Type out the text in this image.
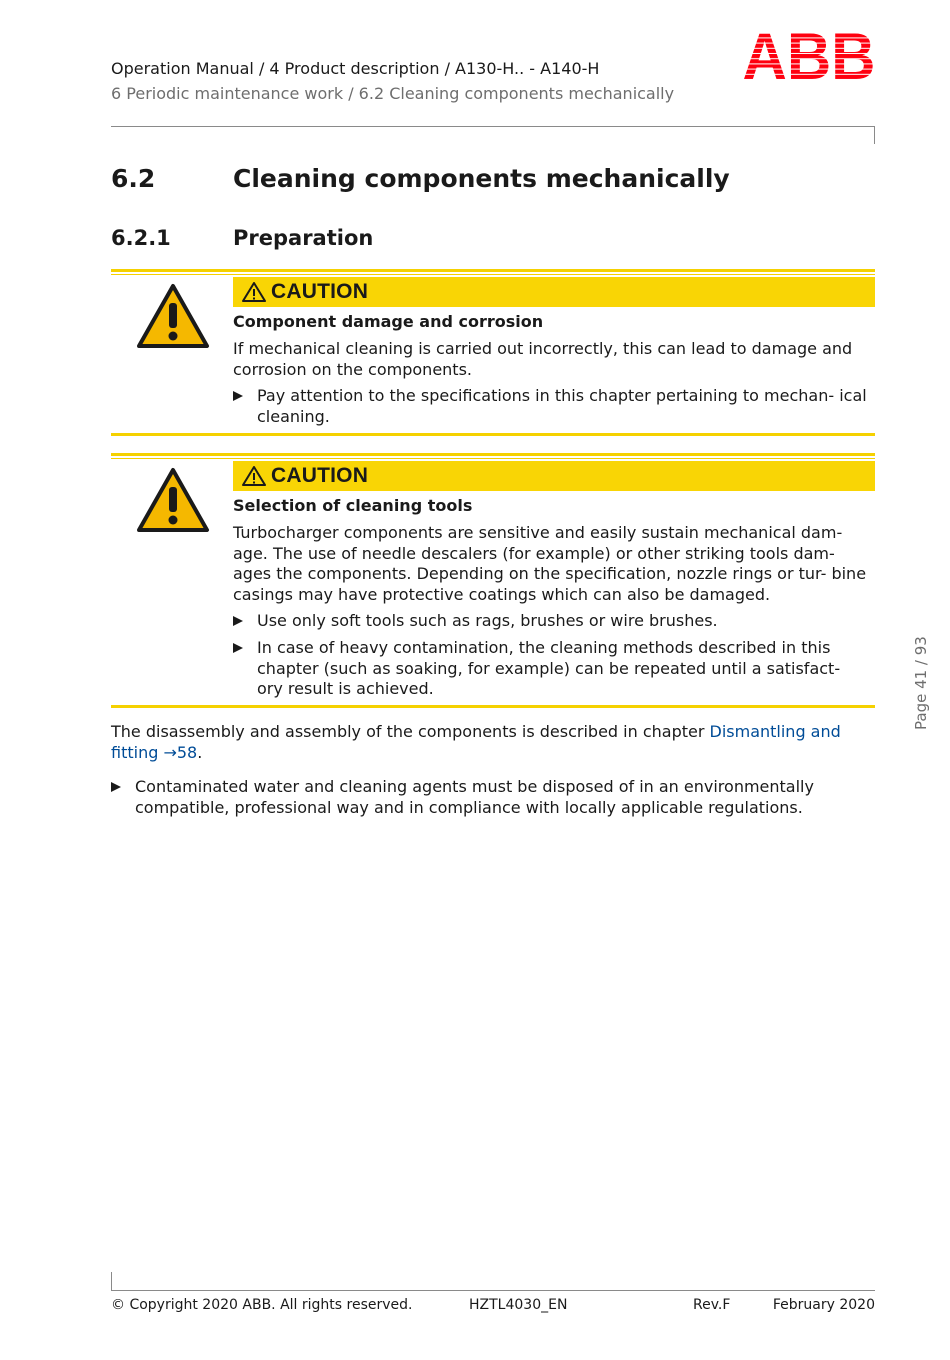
Operation Manual / 4 Product description / A130-H.. - A140-H
6 Periodic maintenance work / 6.2 Cleaning components mechanically
ABB
6.2	Cleaning components mechanically
6.2.1	Preparation
CAUTION
Component damage and corrosion
If mechanical cleaning is carried out incorrectly, this can lead to damage and corrosion on the components.
Pay attention to the specifications in this chapter pertaining to mechan- ical cleaning.
CAUTION
Selection of cleaning tools
Turbocharger components are sensitive and easily sustain mechanical dam- age. The use of needle descalers (for example) or other striking tools dam- ages the components. Depending on the specification, nozzle rings or tur- bine casings may have protective coatings which can also be damaged.
Use only soft tools such as rags, brushes or wire brushes.
In case of heavy contamination, the cleaning methods described in this chapter (such as soaking, for example) can be repeated until a satisfact- ory result is achieved.
The disassembly and assembly of the components is described in chapter Dismantling and fitting →58.
Contaminated water and cleaning agents must be disposed of in an environmentally compatible, professional way and in compliance with locally applicable regulations.
Page 41 / 93
© Copyright 2020 ABB. All rights reserved.	HZTL4030_EN	Rev.F	February 2020
